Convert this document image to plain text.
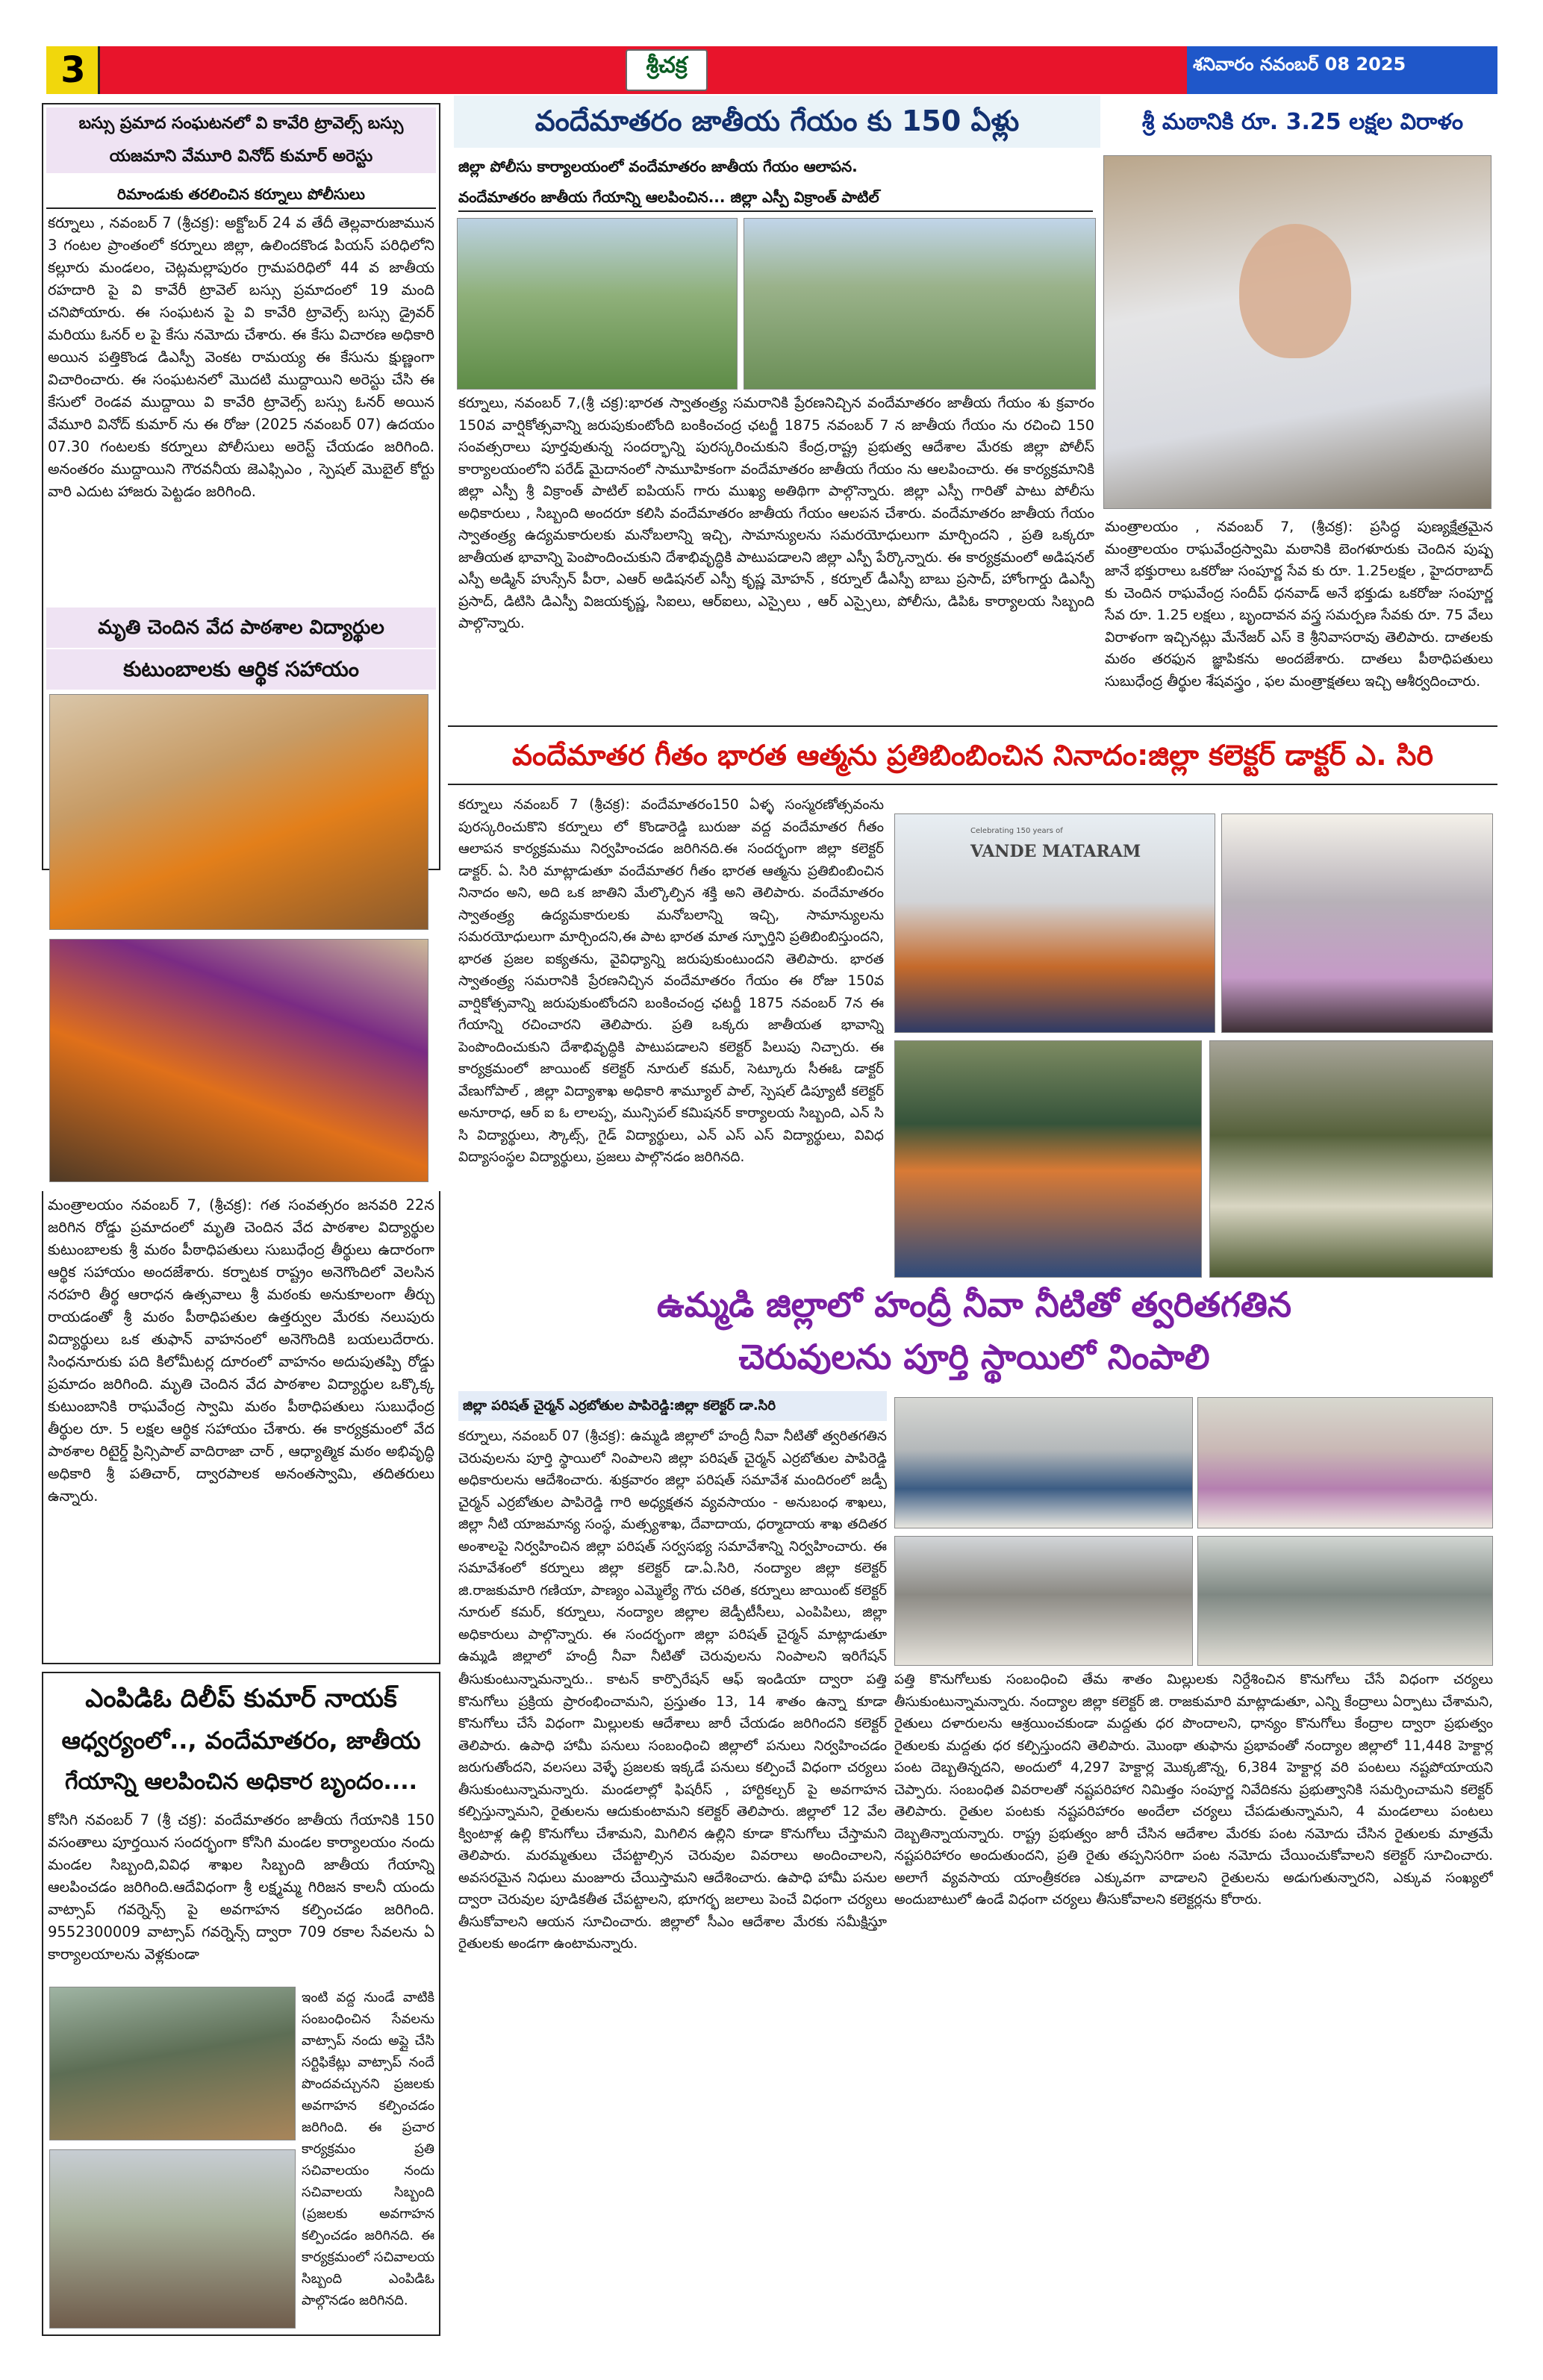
3	శ్రీచక్ర	శనివారం నవంబర్ 08 2025
బస్సు ప్రమాద సంఘటనలో వి కావేరి ట్రావెల్స్ బస్సు
యజమాని వేమూరి వినోద్ కుమార్ అరెస్టు
రిమాండుకు తరలించిన కర్నూలు పోలీసులు
కర్నూలు , నవంబర్ 7 (శ్రీచక్ర): అక్టోబర్ 24 వ తేదీ తెల్లవారుజామున 3 గంటల ప్రాంతంలో కర్నూలు జిల్లా, ఉలిందకొండ పియస్ పరిధిలోని కల్లూరు మండలం, చెట్లమల్లాపురం గ్రామపరిధిలో 44 వ జాతీయ రహదారి పై వి కావేరీ ట్రావెల్ బస్సు ప్రమాదంలో 19 మంది చనిపోయారు. ఈ సంఘటన పై వి కావేరి ట్రావెల్స్ బస్సు డ్రైవర్ మరియు ఓనర్ ల పై కేసు నమోదు చేశారు. ఈ కేసు విచారణ అధికారి అయిన పత్తికొండ డిఎస్పీ వెంకట రామయ్య ఈ కేసును క్షుణ్ణంగా విచారించారు. ఈ సంఘటనలో మొదటి ముద్దాయిని అరెస్టు చేసి ఈ కేసులో రెండవ ముద్దాయి వి కావేరి ట్రావెల్స్ బస్సు ఓనర్ అయిన వేమూరి వినోద్ కుమార్ ను ఈ రోజు (2025 నవంబర్ 07) ఉదయం 07.30 గంటలకు కర్నూలు పోలీసులు అరెస్ట్ చేయడం జరిగింది. అనంతరం ముద్దాయిని గౌరవనీయ జెఎఫ్సిఎం , స్పెషల్ మొబైల్ కోర్టు వారి ఎదుట హాజరు పెట్టడం జరిగింది.
మృతి చెందిన వేద పాఠశాల విద్యార్థుల
కుటుంబాలకు ఆర్థిక సహాయం
మంత్రాలయం నవంబర్ 7, (శ్రీచక్ర): గత సంవత్సరం జనవరి 22న జరిగిన రోడ్డు ప్రమాదంలో మృతి చెందిన వేద పాఠశాల విద్యార్థుల కుటుంబాలకు శ్రీ మఠం పీఠాధిపతులు సుబుధేంద్ర తీర్థులు ఉదారంగా ఆర్థిక సహాయం అందజేశారు. కర్నాటక రాష్ట్రం అనెగొందిలో వెలసిన నరహరి తీర్థ ఆరాధన ఉత్సవాలు శ్రీ మఠంకు అనుకూలంగా తీర్చు రాయడంతో శ్రీ మఠం పీఠాధిపతుల ఉత్తర్వుల మేరకు నలుపురు విద్యార్థులు ఒక తుఫాన్ వాహనంలో అనెగొందికి బయలుదేరారు. సింధనూరుకు పది కిలోమీటర్ల దూరంలో వాహనం అదుపుతప్పి రోడ్డు ప్రమాదం జరిగింది. మృతి చెందిన వేద పాఠశాల విద్యార్థుల ఒక్కొక్క కుటుంబానికి రాఘవేంద్ర స్వామి మఠం పీఠాధిపతులు సుబుధేంద్ర తీర్థుల రూ. 5 లక్షల ఆర్థిక సహాయం చేశారు. ఈ కార్యక్రమంలో వేద పాఠశాల రిటైర్డ్ ప్రిన్సిపాల్ వాదిరాజా చార్ , ఆధ్యాత్మిక మఠం అభివృద్ధి అధికారి శ్రీ పతిచార్, ద్వారపాలక అనంతస్వామి, తదితరులు ఉన్నారు.
ఎంపిడిఓ దిలీప్ కుమార్ నాయక్
ఆధ్వర్యంలో.., వందేమాతరం, జాతీయ
గేయాన్ని ఆలపించిన అధికార బృందం....
కోసిగి నవంబర్ 7 (శ్రీ చక్ర): వందేమాతరం జాతీయ గేయానికి 150 వసంతాలు పూర్తయిన సందర్భంగా కోసిగి మండల కార్యాలయం నందు మండల సిబ్బంది,వివిధ శాఖల సిబ్బంది జాతీయ గేయాన్ని ఆలపించడం జరిగింది.ఆదేవిధంగా శ్రీ లక్ష్మమ్మ గిరిజన కాలనీ యందు వాట్సాప్ గవర్నెన్స్ పై అవగాహన కల్పించడం జరిగింది. 9552300009 వాట్సాప్ గవర్నెన్స్ ద్వారా 709 రకాల సేవలను ఏ కార్యాలయాలను వెళ్లకుండా
ఇంటి వద్ద నుండే వాటికి సంబంధించిన సేవలను వాట్సాప్ నందు అప్లై చేసి సర్టిఫికేట్లు వాట్సాప్ నందే పొందవచ్చునని ప్రజలకు అవగాహన కల్పించడం జరిగింది. ఈ ప్రచార కార్యక్రమం ప్రతి సచివాలయం నందు సచివాలయ సిబ్బంది (ప్రజలకు అవగాహన కల్పించడం జరిగినది. ఈ కార్యక్రమంలో సచివాలయ సిబ్బంది ఎంపిడిఓ పాల్గొనడం జరిగినది.
వందేమాతరం జాతీయ గేయం కు 150 ఏళ్లు
జిల్లా పోలీసు కార్యాలయంలో వందేమాతరం జాతీయ గేయం ఆలాపన.
వందేమాతరం జాతీయ గేయాన్ని ఆలపించిన... జిల్లా ఎస్పీ విక్రాంత్ పాటిల్
కర్నూలు, నవంబర్ 7,(శ్రీ చక్ర):భారత స్వాతంత్ర్య సమరానికి ప్రేరణనిచ్చిన వందేమాతరం జాతీయ గేయం శు క్రవారం 150వ వార్షికోత్సవాన్ని జరుపుకుంటోంది బంకించంద్ర ఛటర్జీ 1875 నవంబర్ 7 న జాతీయ గేయం ను రచించి 150 సంవత్సరాలు పూర్తవుతున్న సందర్భాన్ని పురస్కరించుకుని కేంద్ర,రాష్ట్ర ప్రభుత్వ ఆదేశాల మేరకు జిల్లా పోలీస్ కార్యాలయంలోని పరేడ్ మైదానంలో సామూహికంగా వందేమాతరం జాతీయ గేయం ను ఆలపించారు. ఈ కార్యక్రమానికి జిల్లా ఎస్పీ శ్రీ విక్రాంత్ పాటిల్ ఐపియస్ గారు ముఖ్య అతిథిగా పాల్గొన్నారు. జిల్లా ఎస్పీ గారితో పాటు పోలీసు అధికారులు , సిబ్బంది అందరూ కలిసి వందేమాతరం జాతీయ గేయం ఆలపన చేశారు. వందేమాతరం జాతీయ గేయం స్వాతంత్ర్య ఉద్యమకారులకు మనోబలాన్ని ఇచ్చి, సామాన్యులను సమరయోధులుగా మార్చిందని , ప్రతి ఒక్కరూ జాతీయత భావాన్ని పెంపొందించుకుని దేశాభివృద్ధికి పాటుపడాలని జిల్లా ఎస్పీ పేర్కొన్నారు. ఈ కార్యక్రమంలో అడిషనల్ ఎస్పీ అడ్మిన్ హుస్సేన్ పీరా, ఎఆర్ అడిషనల్ ఎస్పీ కృష్ణ మోహన్ , కర్నూల్ డీఎస్పీ బాబు ప్రసాద్, హోంగార్డు డిఎస్పీ ప్రసాద్, డిటిసి డిఎస్పీ విజయకృష్ణ, సిఐలు, ఆర్ఐలు, ఎస్సైలు , ఆర్ ఎస్సైలు, పోలీసు, డిపిఓ కార్యాలయ సిబ్బంది పాల్గొన్నారు.
శ్రీ మఠానికి రూ. 3.25 లక్షల విరాళం
మంత్రాలయం , నవంబర్ 7, (శ్రీచక్ర): ప్రసిద్ధ పుణ్యక్షేత్రమైన మంత్రాలయం రాఘవేంద్రస్వామి మఠానికి బెంగళూరుకు చెందిన పుష్ప జానే భక్తురాలు ఒకరోజు సంపూర్ణ సేవ కు రూ. 1.25లక్షల , హైదరాబాద్ కు చెందిన రాఘవేంద్ర సందీప్ ధనవాడ్ అనే భక్తుడు ఒకరోజు సంపూర్ణ సేవ రూ. 1.25 లక్షలు , బృందావన వస్త్ర సమర్పణ సేవకు రూ. 75 వేలు విరాళంగా ఇచ్చినట్లు మేనేజర్ ఎస్ కె శ్రీనివాసరావు తెలిపారు. దాతలకు మఠం తరఫున జ్ఞాపికను అందజేశారు. దాతలు పీఠాధిపతులు సుబుధేంద్ర తీర్థుల శేషవస్త్రం , ఫల మంత్రాక్షతలు ఇచ్చి ఆశీర్వదించారు.
వందేమాతర గీతం భారత ఆత్మను ప్రతిబింబించిన నినాదం:జిల్లా కలెక్టర్ డాక్టర్ ఎ. సిరి
కర్నూలు నవంబర్ 7 (శ్రీచక్ర): వందేమాతరం150 ఏళ్ళ సంస్మరణోత్సవంను పురస్కరించుకొని కర్నూలు లో కొండారెడ్డి బురుజు వద్ద వందేమాతర గీతం ఆలాపన కార్యక్రమము నిర్వహించడం జరిగినది.ఈ సందర్భంగా జిల్లా కలెక్టర్ డాక్టర్. ఏ. సిరి మాట్లాడుతూ వందేమాతర గీతం భారత ఆత్మను ప్రతిబింబించిన నినాదం అని, అది ఒక జాతిని మేల్కొల్పిన శక్తి అని తెలిపారు. వందేమాతరం స్వాతంత్ర్య ఉద్యమకారులకు మనోబలాన్ని ఇచ్చి, సామాన్యులను సమరయోధులుగా మార్చిందని,ఈ పాట భారత మాత స్ఫూర్తిని ప్రతిబింబిస్తుందని, భారత ప్రజల ఐక్యతను, వైవిధ్యాన్ని జరుపుకుంటుందని తెలిపారు. భారత స్వాతంత్ర్య సమరానికి ప్రేరణనిచ్చిన వందేమాతరం గేయం ఈ రోజు 150వ వార్షికోత్సవాన్ని జరుపుకుంటోందని బంకించంద్ర ఛటర్జీ 1875 నవంబర్ 7న ఈ గేయాన్ని రచించారని తెలిపారు. ప్రతి ఒక్కరు జాతీయత భావాన్ని పెంపొందించుకుని దేశాభివృద్ధికి పాటుపడాలని కలెక్టర్ పిలుపు నిచ్చారు. ఈ కార్యక్రమంలో జాయింట్ కలెక్టర్ నూరుల్ కమర్, సెట్కూరు సీఈఓ డాక్టర్ వేణుగోపాల్ , జిల్లా విద్యాశాఖ అధికారి శామ్యూల్ పాల్, స్పెషల్ డిప్యూటీ కలెక్టర్ అనూరాధ, ఆర్ ఐ ఓ లాలప్ప, మున్సిపల్ కమిషనర్ కార్యాలయ సిబ్బంది, ఎన్ సి సి విద్యార్థులు, స్కౌట్స్, గైడ్ విద్యార్థులు, ఎన్ ఎస్ ఎస్ విద్యార్థులు, వివిధ విద్యాసంస్థల విద్యార్థులు, ప్రజలు పాల్గొనడం జరిగినది.
Celebrating 150 years of
VANDE MATARAM
ఉమ్మడి జిల్లాలో హంద్రీ నీవా నీటితో త్వరితగతిన
చెరువులను పూర్తి స్థాయిలో నింపాలి
జిల్లా పరిషత్ చైర్మన్ ఎర్రబోతుల పాపిరెడ్డి:జిల్లా కలెక్టర్ డా.సిరి
కర్నూలు, నవంబర్ 07 (శ్రీచక్ర): ఉమ్మడి జిల్లాలో హంద్రీ నీవా నీటితో త్వరితగతిన చెరువులను పూర్తి స్థాయిలో నింపాలని జిల్లా పరిషత్ చైర్మన్ ఎర్రబోతుల పాపిరెడ్డి అధికారులను ఆదేశించారు. శుక్రవారం జిల్లా పరిషత్ సమావేశ మందిరంలో జడ్పీ చైర్మన్ ఎర్రబోతుల పాపిరెడ్డి గారి అధ్యక్షతన వ్యవసాయం - అనుబంధ శాఖలు, జిల్లా నీటి యాజమాన్య సంస్థ, మత్స్యశాఖ, దేవాదాయ, ధర్మాదాయ శాఖ తదితర అంశాలపై నిర్వహించిన జిల్లా పరిషత్ సర్వసభ్య సమావేశాన్ని నిర్వహించారు. ఈ సమావేశంలో కర్నూలు జిల్లా కలెక్టర్ డా.ఏ.సిరి, నంద్యాల జిల్లా కలెక్టర్ జి.రాజకుమారి గణియా, పాణ్యం ఎమ్మెల్యే గౌరు చరిత, కర్నూలు జాయింట్ కలెక్టర్ నూరుల్ కమర్, కర్నూలు, నంద్యాల జిల్లాల జెడ్పీటీసీలు, ఎంపిపిలు, జిల్లా అధికారులు పాల్గొన్నారు. ఈ సందర్భంగా జిల్లా పరిషత్ చైర్మన్ మాట్లాడుతూ ఉమ్మడి జిల్లాలో హంద్రీ నీవా నీటితో చెరువులను నింపాలని ఇరిగేషన్
తీసుకుంటున్నామన్నారు.. కాటన్ కార్పొరేషన్ ఆఫ్ ఇండియా ద్వారా పత్తి కొనుగోలు ప్రక్రియ ప్రారంభించామని, ప్రస్తుతం 13, 14 శాతం ఉన్నా కూడా కొనుగోలు చేసే విధంగా మిల్లులకు ఆదేశాలు జారీ చేయడం జరిగిందని కలెక్టర్ తెలిపారు. ఉపాధి హామీ పనులు సంబంధించి జిల్లాలో పనులు నిర్వహించడం జరుగుతోందని, వలసలు వెళ్ళే ప్రజలకు ఇక్కడే పనులు కల్పించే విధంగా చర్యలు తీసుకుంటున్నామన్నారు. మండలాల్లో ఫిషరీస్ , హార్టికల్చర్ పై అవగాహన కల్పిస్తున్నామని, రైతులను ఆదుకుంటామని కలెక్టర్ తెలిపారు. జిల్లాలో 12 వేల క్వింటాళ్ల ఉల్లి కొనుగోలు చేశామని, మిగిలిన ఉల్లిని కూడా కొనుగోలు చేస్తామని తెలిపారు. మరమ్మతులు చేపట్టాల్సిన చెరువుల వివరాలు అందించాలని, అవసరమైన నిధులు మంజూరు చేయిస్తామని ఆదేశించారు. ఉపాధి హామీ పనుల ద్వారా చెరువుల పూడికతీత చేపట్టాలని, భూగర్భ జలాలు పెంచే విధంగా చర్యలు తీసుకోవాలని ఆయన సూచించారు. జిల్లాలో సీఎం ఆదేశాల మేరకు సమీక్షిస్తూ రైతులకు అండగా ఉంటామన్నారు.
పత్తి కొనుగోలుకు సంబంధించి తేమ శాతం మిల్లులకు నిర్దేశించిన కొనుగోలు చేసే విధంగా చర్యలు తీసుకుంటున్నామన్నారు. నంద్యాల జిల్లా కలెక్టర్ జి. రాజకుమారి మాట్లాడుతూ, ఎన్ని కేంద్రాలు ఏర్పాటు చేశామని, రైతులు దళారులను ఆశ్రయించకుండా మద్దతు ధర పొందాలని, ధాన్యం కొనుగోలు కేంద్రాల ద్వారా ప్రభుత్వం రైతులకు మద్దతు ధర కల్పిస్తుందని తెలిపారు. మొంథా తుఫాను ప్రభావంతో నంద్యాల జిల్లాలో 11,448 హెక్టార్ల పంట దెబ్బతిన్నదని, అందులో 4,297 హెక్టార్ల మొక్కజొన్న, 6,384 హెక్టార్ల వరి పంటలు నష్టపోయాయని చెప్పారు. సంబంధిత వివరాలతో నష్టపరిహార నిమిత్తం సంపూర్ణ నివేదికను ప్రభుత్వానికి సమర్పించామని కలెక్టర్ తెలిపారు. రైతుల పంటకు నష్టపరిహారం అందేలా చర్యలు చేపడుతున్నామని, 4 మండలాలు పంటలు దెబ్బతిన్నాయన్నారు. రాష్ట్ర ప్రభుత్వం జారీ చేసిన ఆదేశాల మేరకు పంట నమోదు చేసిన రైతులకు మాత్రమే నష్టపరిహారం అందుతుందని, ప్రతి రైతు తప్పనిసరిగా పంట నమోదు చేయించుకోవాలని కలెక్టర్ సూచించారు. అలాగే వ్యవసాయ యాంత్రీకరణ ఎక్కువగా వాడాలని రైతులను అడుగుతున్నారని, ఎక్కువ సంఖ్యలో అందుబాటులో ఉండే విధంగా చర్యలు తీసుకోవాలని కలెక్టర్లను కోరారు.
